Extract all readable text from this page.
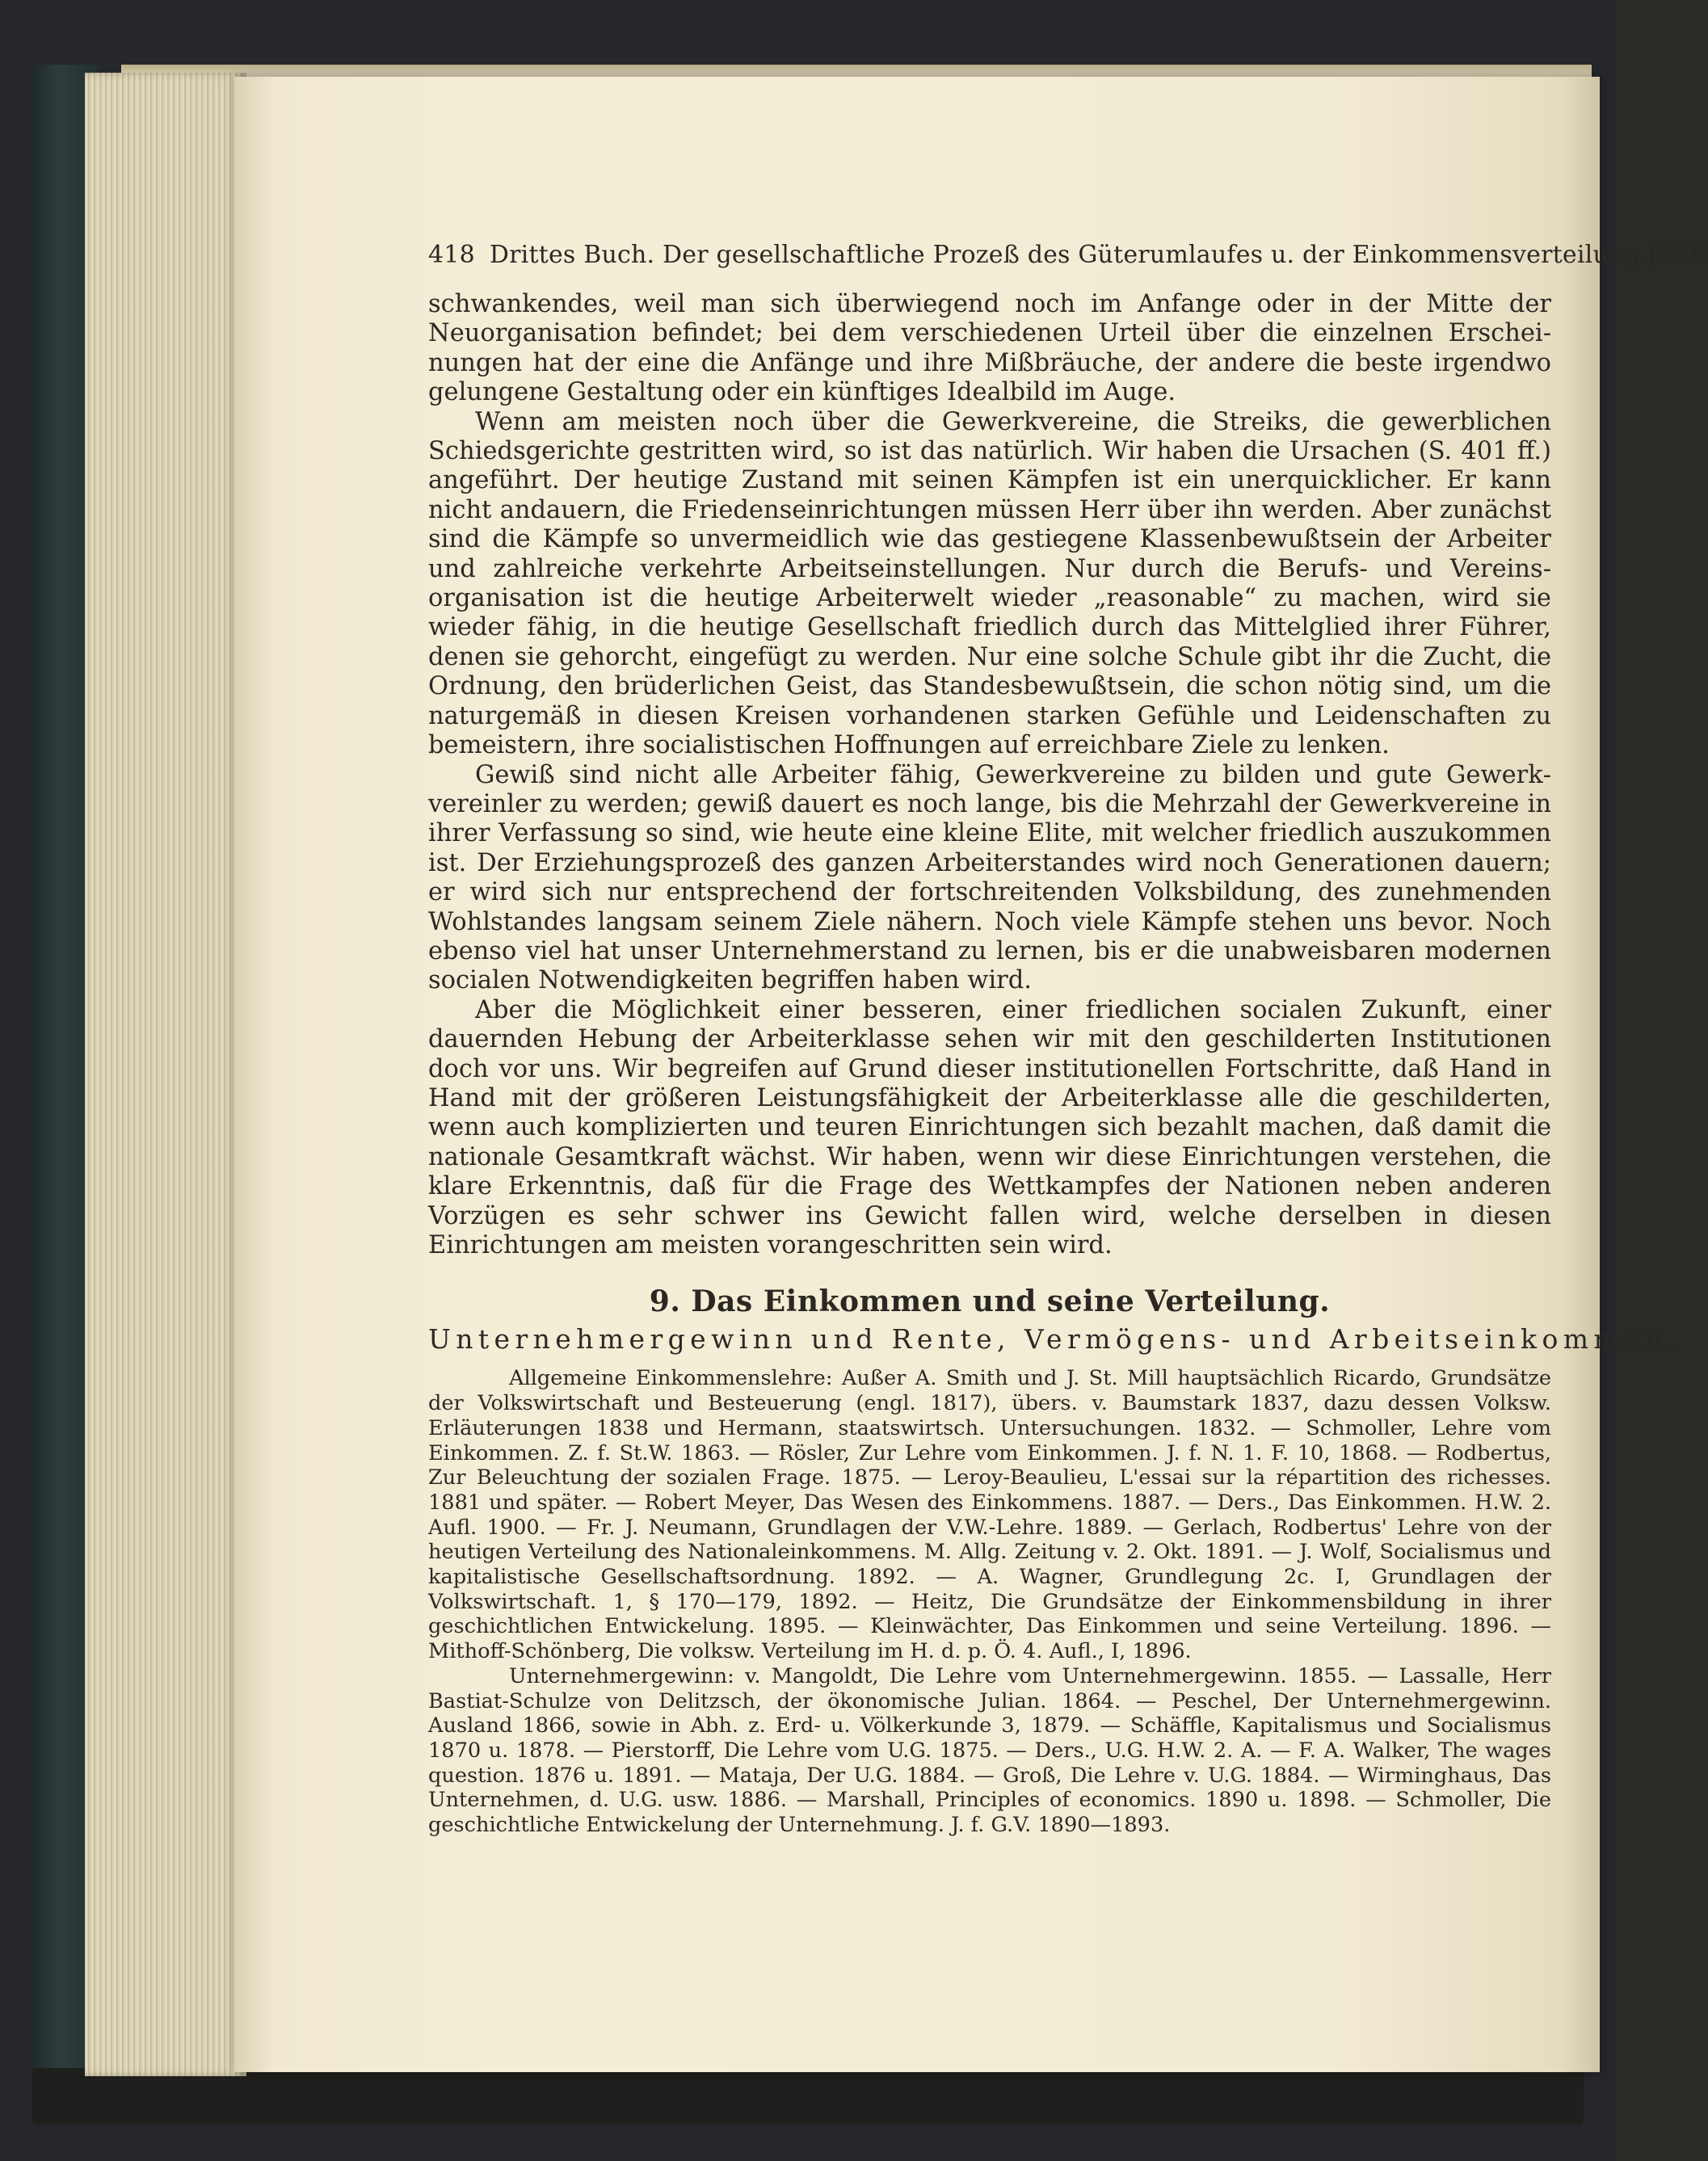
418 Drittes Buch. Der gesellschaftliche Prozeß des Güterumlaufes u. der Einkommensverteilung. [876

schwankendes, weil man sich überwiegend noch im Anfange oder in der Mitte der Neuorganisation befindet; bei dem verschiedenen Urteil über die einzelnen Erscheinungen hat der eine die Anfänge und ihre Mißbräuche, der andere die beste irgendwo gelungene Gestaltung oder ein künftiges Idealbild im Auge.

Wenn am meisten noch über die Gewerkvereine, die Streiks, die gewerblichen Schiedsgerichte gestritten wird, so ist das natürlich. Wir haben die Ursachen (S. 401 ff.) angeführt. Der heutige Zustand mit seinen Kämpfen ist ein unerquicklicher. Er kann nicht andauern, die Friedenseinrichtungen müssen Herr über ihn werden. Aber zunächst sind die Kämpfe so unvermeidlich wie das gestiegene Klassenbewußtsein der Arbeiter und zahlreiche verkehrte Arbeitseinstellungen. Nur durch die Berufs- und Vereinsorganisation ist die heutige Arbeiterwelt wieder „reasonable“ zu machen, wird sie wieder fähig, in die heutige Gesellschaft friedlich durch das Mittelglied ihrer Führer, denen sie gehorcht, eingefügt zu werden. Nur eine solche Schule gibt ihr die Zucht, die Ordnung, den brüderlichen Geist, das Standesbewußtsein, die schon nötig sind, um die naturgemäß in diesen Kreisen vorhandenen starken Gefühle und Leidenschaften zu bemeistern, ihre socialistischen Hoffnungen auf erreichbare Ziele zu lenken.

Gewiß sind nicht alle Arbeiter fähig, Gewerkvereine zu bilden und gute Gewerkvereinler zu werden; gewiß dauert es noch lange, bis die Mehrzahl der Gewerkvereine in ihrer Verfassung so sind, wie heute eine kleine Elite, mit welcher friedlich auszukommen ist. Der Erziehungsprozeß des ganzen Arbeiterstandes wird noch Generationen dauern; er wird sich nur entsprechend der fortschreitenden Volksbildung, des zunehmenden Wohlstandes langsam seinem Ziele nähern. Noch viele Kämpfe stehen uns bevor. Noch ebenso viel hat unser Unternehmerstand zu lernen, bis er die unabweisbaren modernen socialen Notwendigkeiten begriffen haben wird.

Aber die Möglichkeit einer besseren, einer friedlichen socialen Zukunft, einer dauernden Hebung der Arbeiterklasse sehen wir mit den geschilderten Institutionen doch vor uns. Wir begreifen auf Grund dieser institutionellen Fortschritte, daß Hand in Hand mit der größeren Leistungsfähigkeit der Arbeiterklasse alle die geschilderten, wenn auch komplizierten und teuren Einrichtungen sich bezahlt machen, daß damit die nationale Gesamtkraft wächst. Wir haben, wenn wir diese Einrichtungen verstehen, die klare Erkenntnis, daß für die Frage des Wettkampfes der Nationen neben anderen Vorzügen es sehr schwer ins Gewicht fallen wird, welche derselben in diesen Einrichtungen am meisten vorangeschritten sein wird.

9. Das Einkommen und seine Verteilung.
Unternehmergewinn und Rente, Vermögens- und Arbeitseinkommen.

Allgemeine Einkommenslehre: Außer A. Smith und J. St. Mill hauptsächlich Ricardo, Grundsätze der Volkswirtschaft und Besteuerung (engl. 1817), übers. v. Baumstark 1837, dazu dessen Volksw. Erläuterungen 1838 und Hermann, staatswirtsch. Untersuchungen. 1832. — Schmoller, Lehre vom Einkommen. Z. f. St.W. 1863. — Rösler, Zur Lehre vom Einkommen. J. f. N. 1. F. 10, 1868. — Rodbertus, Zur Beleuchtung der sozialen Frage. 1875. — Leroy-Beaulieu, L'essai sur la répartition des richesses. 1881 und später. — Robert Meyer, Das Wesen des Einkommens. 1887. — Ders., Das Einkommen. H.W. 2. Aufl. 1900. — Fr. J. Neumann, Grundlagen der V.W.-Lehre. 1889. — Gerlach, Rodbertus' Lehre von der heutigen Verteilung des Nationaleinkommens. M. Allg. Zeitung v. 2. Okt. 1891. — J. Wolf, Socialismus und kapitalistische Gesellschaftsordnung. 1892. — A. Wagner, Grundlegung 2c. I, Grundlagen der Volkswirtschaft. 1, § 170—179, 1892. — Heitz, Die Grundsätze der Einkommensbildung in ihrer geschichtlichen Entwickelung. 1895. — Kleinwächter, Das Einkommen und seine Verteilung. 1896. — Mithoff-Schönberg, Die volksw. Verteilung im H. d. p. Ö. 4. Aufl., I, 1896.

Unternehmergewinn: v. Mangoldt, Die Lehre vom Unternehmergewinn. 1855. — Lassalle, Herr Bastiat-Schulze von Delitzsch, der ökonomische Julian. 1864. — Peschel, Der Unternehmergewinn. Ausland 1866, sowie in Abh. z. Erd- u. Völkerkunde 3, 1879. — Schäffle, Kapitalismus und Socialismus 1870 u. 1878. — Pierstorff, Die Lehre vom U.G. 1875. — Ders., U.G. H.W. 2. A. — F. A. Walker, The wages question. 1876 u. 1891. — Mataja, Der U.G. 1884. — Groß, Die Lehre v. U.G. 1884. — Wirminghaus, Das Unternehmen, d. U.G. usw. 1886. — Marshall, Principles of economics. 1890 u. 1898. — Schmoller, Die geschichtliche Entwickelung der Unternehmung. J. f. G.V. 1890—1893.
